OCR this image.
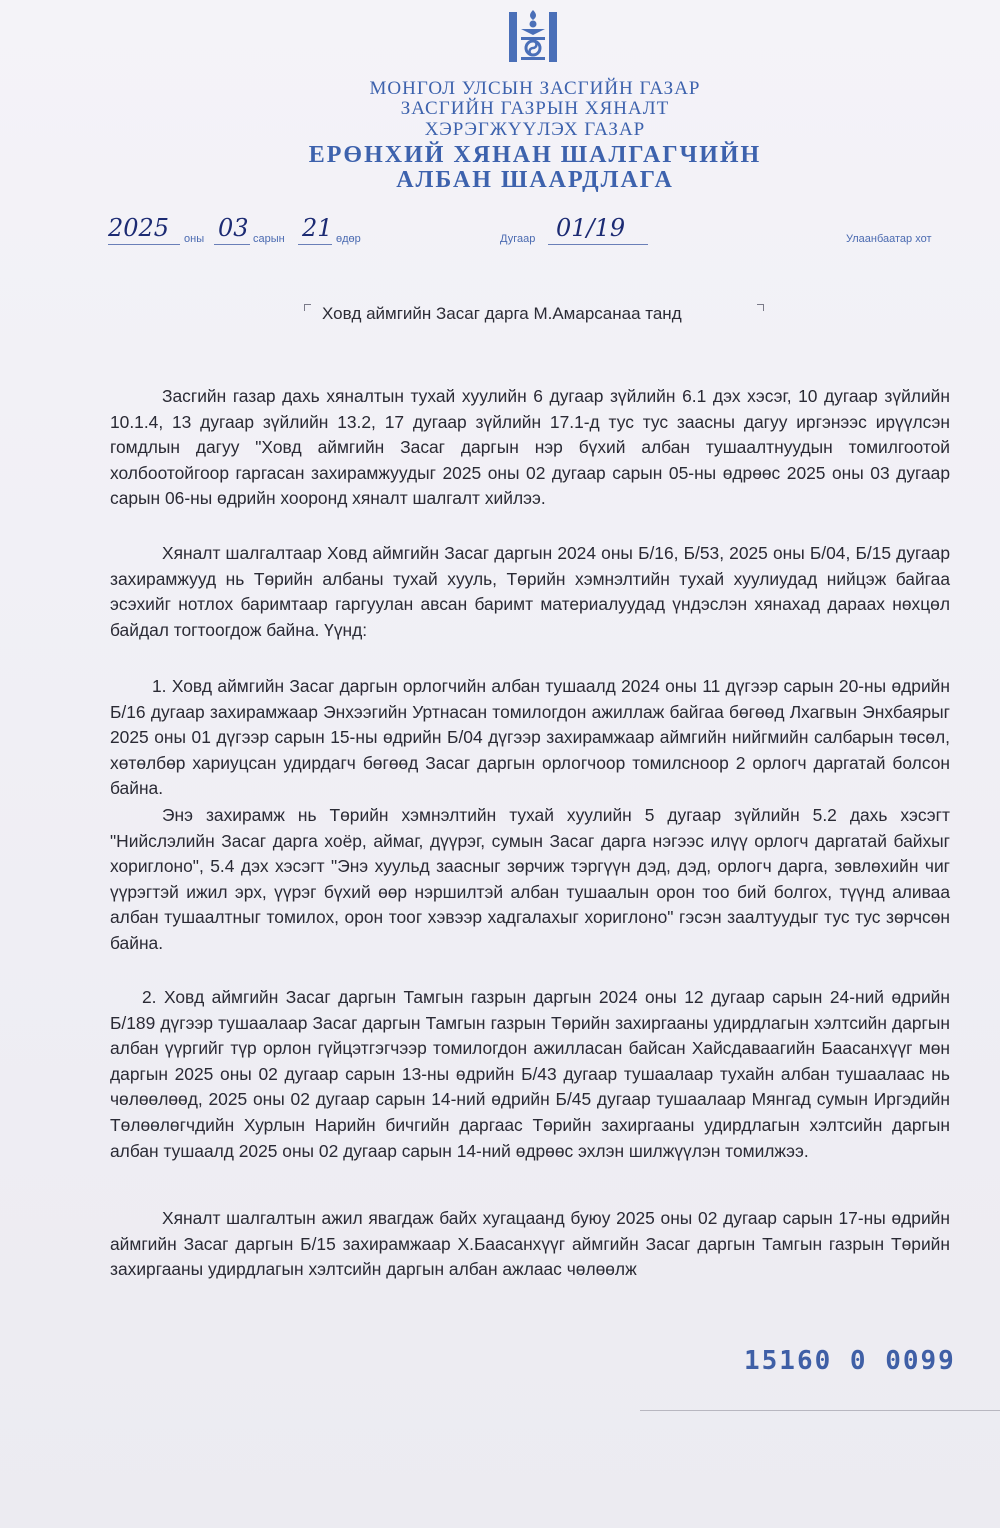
МОНГОЛ УЛСЫН ЗАСГИЙН ГАЗАР
ЗАСГИЙН ГАЗРЫН ХЯНАЛТ
ХЭРЭГЖҮҮЛЭХ ГАЗАР
ЕРӨНХИЙ ХЯНАН ШАЛГАГЧИЙН
АЛБАН ШААРДЛАГА
2025 оны 03 сарын 21 өдөр	Дугаар 01/19	Улаанбаатар хот
Ховд аймгийн Засаг дарга М.Амарсанаа танд
Засгийн газар дахь хяналтын тухай хуулийн 6 дугаар зүйлийн 6.1 дэх хэсэг, 10 дугаар зүйлийн 10.1.4, 13 дугаар зүйлийн 13.2, 17 дугаар зүйлийн 17.1-д тус тус заасны дагуу иргэнээс ирүүлсэн гомдлын дагуу "Ховд аймгийн Засаг даргын нэр бүхий албан тушаалтнуудын томилгоотой холбоотойгоор гаргасан захирамжуудыг 2025 оны 02 дугаар сарын 05-ны өдрөөс 2025 оны 03 дугаар сарын 06-ны өдрийн хооронд хяналт шалгалт хийлээ.
Хяналт шалгалтаар Ховд аймгийн Засаг даргын 2024 оны Б/16, Б/53, 2025 оны Б/04, Б/15 дугаар захирамжууд нь Төрийн албаны тухай хууль, Төрийн хэмнэлтийн тухай хуулиудад нийцэж байгаа эсэхийг нотлох баримтаар гаргуулан авсан баримт материалуудад үндэслэн хянахад дараах нөхцөл байдал тогтоогдож байна. Үүнд:
1. Ховд аймгийн Засаг даргын орлогчийн албан тушаалд 2024 оны 11 дүгээр сарын 20-ны өдрийн Б/16 дугаар захирамжаар Энхээгийн Уртнасан томилогдон ажиллаж байгаа бөгөөд Лхагвын Энхбаярыг 2025 оны 01 дүгээр сарын 15-ны өдрийн Б/04 дүгээр захирамжаар аймгийн нийгмийн салбарын төсөл, хөтөлбөр хариуцсан удирдагч бөгөөд Засаг даргын орлогчоор томилсноор 2 орлогч даргатай болсон байна.
Энэ захирамж нь Төрийн хэмнэлтийн тухай хуулийн 5 дугаар зүйлийн 5.2 дахь хэсэгт "Нийслэлийн Засаг дарга хоёр, аймаг, дүүрэг, сумын Засаг дарга нэгээс илүү орлогч даргатай байхыг хориглоно", 5.4 дэх хэсэгт "Энэ хуульд заасныг зөрчиж тэргүүн дэд, дэд, орлогч дарга, зөвлөхийн чиг үүрэгтэй ижил эрх, үүрэг бүхий өөр нэршилтэй албан тушаалын орон тоо бий болгох, түүнд аливаа албан тушаалтныг томилох, орон тоог хэвээр хадгалахыг хориглоно" гэсэн заалтуудыг тус тус зөрчсөн байна.
2. Ховд аймгийн Засаг даргын Тамгын газрын даргын 2024 оны 12 дугаар сарын 24-ний өдрийн Б/189 дүгээр тушаалаар Засаг даргын Тамгын газрын Төрийн захиргааны удирдлагын хэлтсийн даргын албан үүргийг түр орлон гүйцэтгэгчээр томилогдон ажилласан байсан Хайсдаваагийн Баасанхүүг мөн даргын 2025 оны 02 дугаар сарын 13-ны өдрийн Б/43 дугаар тушаалаар тухайн албан тушаалаас нь чөлөөлөөд, 2025 оны 02 дугаар сарын 14-ний өдрийн Б/45 дугаар тушаалаар Мянгад сумын Иргэдийн Төлөөлөгчдийн Хурлын Нарийн бичгийн даргаас Төрийн захиргааны удирдлагын хэлтсийн даргын албан тушаалд 2025 оны 02 дугаар сарын 14-ний өдрөөс эхлэн шилжүүлэн томилжээ.
Хяналт шалгалтын ажил явагдаж байх хугацаанд буюу 2025 оны 02 дугаар сарын 17-ны өдрийн аймгийн Засаг даргын Б/15 захирамжаар Х.Баасанхүүг аймгийн Засаг даргын Тамгын газрын Төрийн захиргааны удирдлагын хэлтсийн даргын албан ажлаас чөлөөлж
15160 0 0099
